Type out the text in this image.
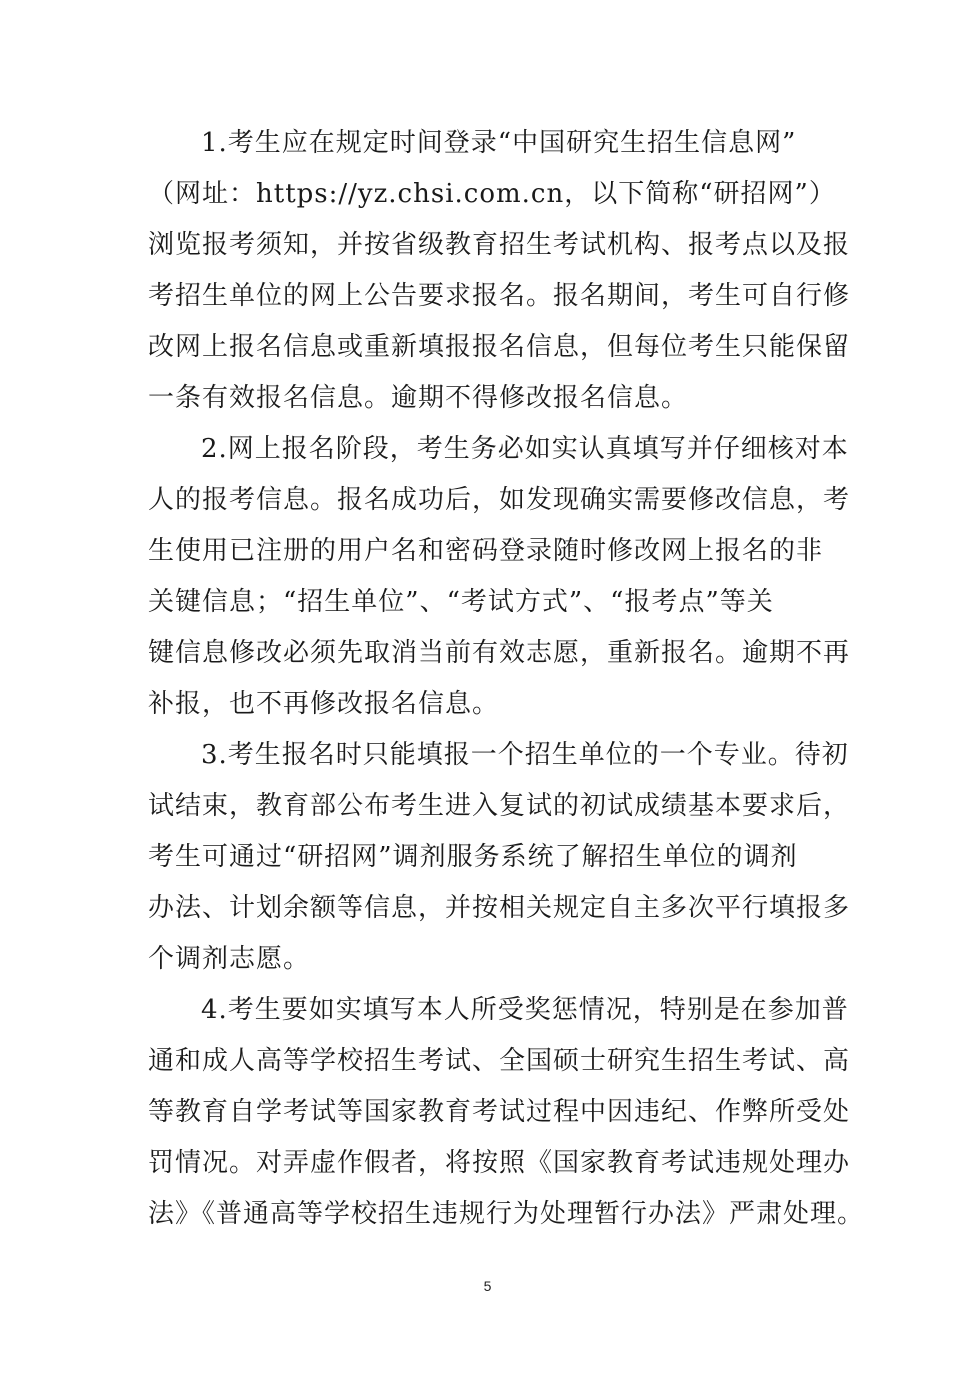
1.考生应在规定时间登录“中国研究生招生信息网”
（网址：https://yz.chsi.com.cn，以下简称“研招网”）
浏览报考须知，并按省级教育招生考试机构、报考点以及报
考招生单位的网上公告要求报名。报名期间，考生可自行修
改网上报名信息或重新填报报名信息，但每位考生只能保留
一条有效报名信息。逾期不得修改报名信息。

2.网上报名阶段，考生务必如实认真填写并仔细核对本
人的报考信息。报名成功后，如发现确实需要修改信息，考
生使用已注册的用户名和密码登录随时修改网上报名的非
关键信息；“招生单位”、“考试方式”、“报考点”等关
键信息修改必须先取消当前有效志愿，重新报名。逾期不再
补报，也不再修改报名信息。

3.考生报名时只能填报一个招生单位的一个专业。待初
试结束，教育部公布考生进入复试的初试成绩基本要求后，
考生可通过“研招网”调剂服务系统了解招生单位的调剂
办法、计划余额等信息，并按相关规定自主多次平行填报多
个调剂志愿。

4.考生要如实填写本人所受奖惩情况，特别是在参加普
通和成人高等学校招生考试、全国硕士研究生招生考试、高
等教育自学考试等国家教育考试过程中因违纪、作弊所受处
罚情况。对弄虚作假者，将按照《国家教育考试违规处理办
法》《普通高等学校招生违规行为处理暂行办法》严肃处理。

5
